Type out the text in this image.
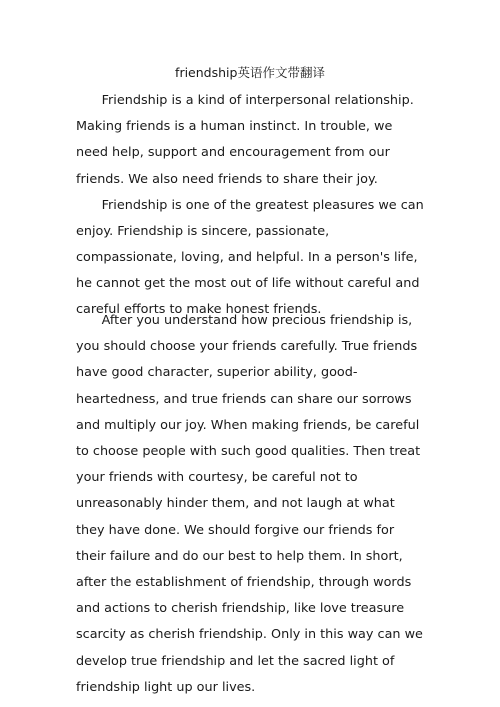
friendship英语作文带翻译

Friendship is a kind of interpersonal relationship. Making friends is a human instinct. In trouble, we need help, support and encouragement from our friends. We also need friends to share their joy.

Friendship is one of the greatest pleasures we can enjoy. Friendship is sincere, passionate, compassionate, loving, and helpful. In a person's life, he cannot get the most out of life without careful and careful efforts to make honest friends.

After you understand how precious friendship is, you should choose your friends carefully. True friends have good character, superior ability, good-heartedness, and true friends can share our sorrows and multiply our joy. When making friends, be careful to choose people with such good qualities. Then treat your friends with courtesy, be careful not to unreasonably hinder them, and not laugh at what they have done. We should forgive our friends for their failure and do our best to help them. In short, after the establishment of friendship, through words and actions to cherish friendship, like love treasure scarcity as cherish friendship. Only in this way can we develop true friendship and let the sacred light of friendship light up our lives.
